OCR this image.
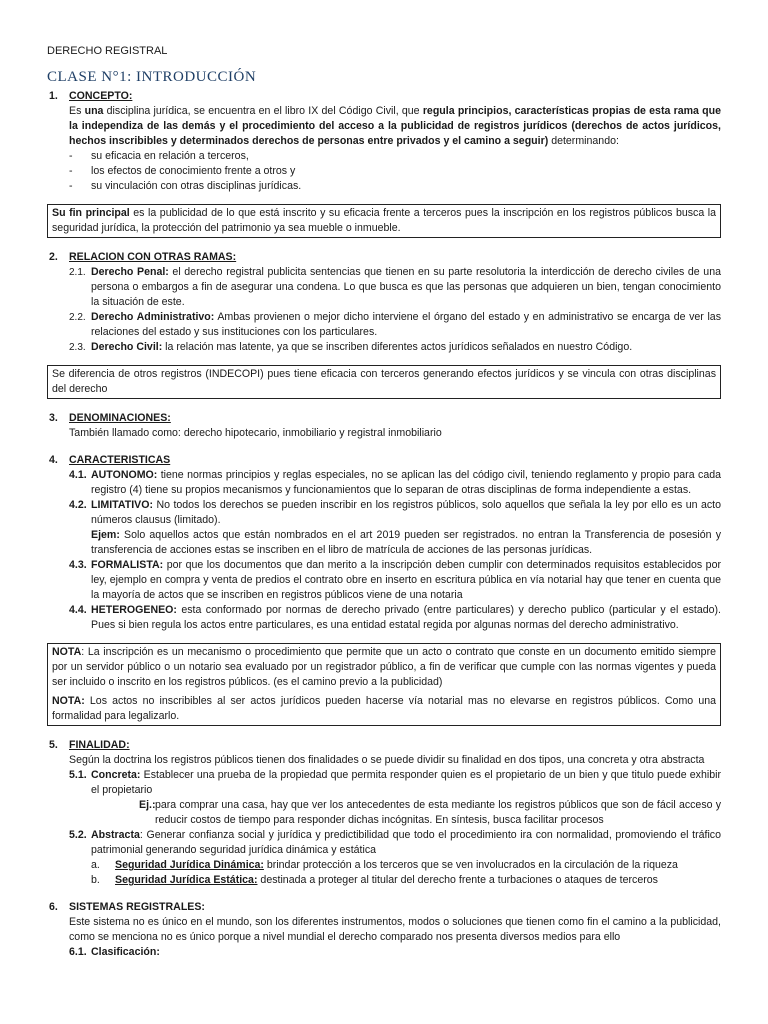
DERECHO REGISTRAL
CLASE N°1: INTRODUCCIÓN
1. CONCEPTO:
Es una disciplina jurídica, se encuentra en el libro IX del Código Civil, que regula principios, características propias de esta rama que la independiza de las demás y el procedimiento del acceso a la publicidad de registros jurídicos (derechos de actos jurídicos, hechos inscribibles y determinados derechos de personas entre privados y el camino a seguir) determinando:
- su eficacia en relación a terceros,
- los efectos de conocimiento frente a otros y
- su vinculación con otras disciplinas jurídicas.
Su fin principal es la publicidad de lo que está inscrito y su eficacia frente a terceros pues la inscripción en los registros públicos busca la seguridad jurídica, la protección del patrimonio ya sea mueble o inmueble.
2. RELACION CON OTRAS RAMAS:
2.1. Derecho Penal: el derecho registral publicita sentencias que tienen en su parte resolutoria la interdicción de derecho civiles de una persona o embargos a fin de asegurar una condena. Lo que busca es que las personas que adquieren un bien, tengan conocimiento la situación de este.
2.2. Derecho Administrativo: Ambas provienen o mejor dicho interviene el órgano del estado y en administrativo se encarga de ver las relaciones del estado y sus instituciones con los particulares.
2.3. Derecho Civil: la relación mas latente, ya que se inscriben diferentes actos jurídicos señalados en nuestro Código.
Se diferencia de otros registros (INDECOPI) pues tiene eficacia con terceros generando efectos jurídicos y se vincula con otras disciplinas del derecho
3. DENOMINACIONES:
También llamado como: derecho hipotecario, inmobiliario y registral inmobiliario
4. CARACTERISTICAS
4.1. AUTONOMO: tiene normas principios y reglas especiales, no se aplican las del código civil, teniendo reglamento y propio para cada registro (4) tiene su propios mecanismos y funcionamientos que lo separan de otras disciplinas de forma independiente a estas.
4.2. LIMITATIVO: No todos los derechos se pueden inscribir en los registros públicos, solo aquellos que señala la ley por ello es un acto números clausus (limitado).
Ejem: Solo aquellos actos que están nombrados en el art 2019 pueden ser registrados. no entran la Transferencia de posesión y transferencia de acciones estas se inscriben en el libro de matrícula de acciones de las personas jurídicas.
4.3. FORMALISTA: por que los documentos que dan merito a la inscripción deben cumplir con determinados requisitos establecidos por ley, ejemplo en compra y venta de predios el contrato obre en inserto en escritura pública en vía notarial hay que tener en cuenta que la mayoría de actos que se inscriben en registros públicos viene de una notaria
4.4. HETEROGENEO: esta conformado por normas de derecho privado (entre particulares) y derecho publico (particular y el estado). Pues si bien regula los actos entre particulares, es una entidad estatal regida por algunas normas del derecho administrativo.
NOTA: La inscripción es un mecanismo o procedimiento que permite que un acto o contrato que conste en un documento emitido siempre por un servidor público o un notario sea evaluado por un registrador público, a fin de verificar que cumple con las normas vigentes y pueda ser incluido o inscrito en los registros públicos. (es el camino previo a la publicidad)
NOTA: Los actos no inscribibles al ser actos jurídicos pueden hacerse vía notarial mas no elevarse en registros públicos. Como una formalidad para legalizarlo.
5. FINALIDAD:
Según la doctrina los registros públicos tienen dos finalidades o se puede dividir su finalidad en dos tipos, una concreta y otra abstracta
5.1. Concreta: Establecer una prueba de la propiedad que permita responder quien es el propietario de un bien y que titulo puede exhibir el propietario
Ej.: para comprar una casa, hay que ver los antecedentes de esta mediante los registros públicos que son de fácil acceso y reducir costos de tiempo para responder dichas incógnitas. En síntesis, busca facilitar procesos
5.2. Abstracta: Generar confianza social y jurídica y predictibilidad que todo el procedimiento ira con normalidad, promoviendo el tráfico patrimonial generando seguridad jurídica dinámica y estática
a. Seguridad Jurídica Dinámica: brindar protección a los terceros que se ven involucrados en la circulación de la riqueza
b. Seguridad Jurídica Estática: destinada a proteger al titular del derecho frente a turbaciones o ataques de terceros
6. SISTEMAS REGISTRALES:
Este sistema no es único en el mundo, son los diferentes instrumentos, modos o soluciones que tienen como fin el camino a la publicidad, como se menciona no es único porque a nivel mundial el derecho comparado nos presenta diversos medios para ello
6.1. Clasificación:
